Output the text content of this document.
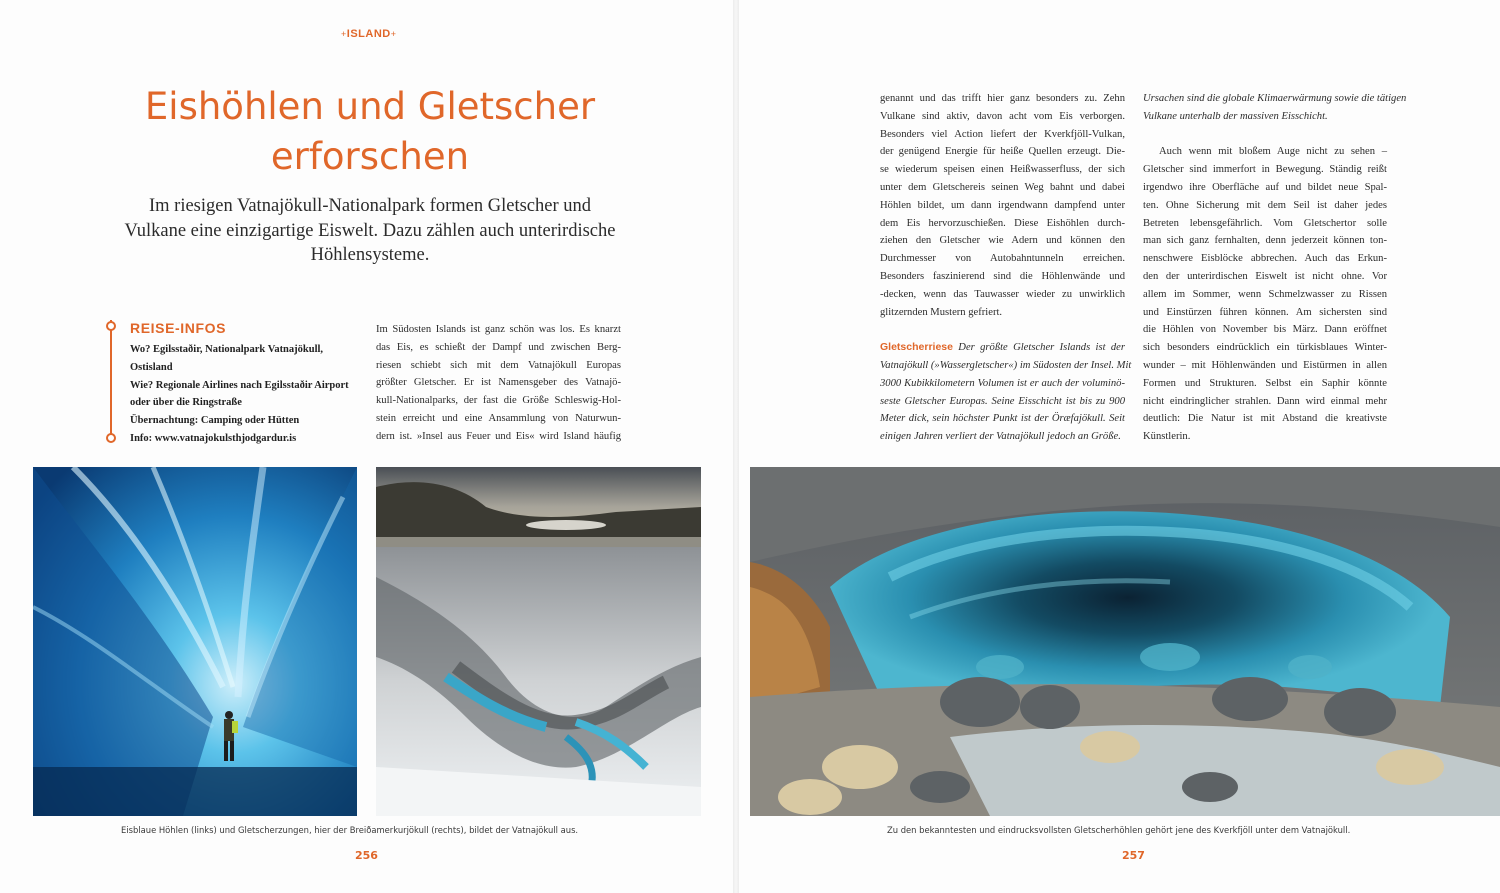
+ISLAND+
Eishöhlen und Gletscher
erforschen
Im riesigen Vatnajökull-Nationalpark formen Gletscher und
Vulkane eine einzigartige Eiswelt. Dazu zählen auch unterirdische
Höhlensysteme.
REISE-INFOS
Wo? Egilsstaðir, Nationalpark Vatnajökull,
Ostisland
Wie? Regionale Airlines nach Egilsstaðir Airport
oder über die Ringstraße
Übernachtung: Camping oder Hütten
Info: www.vatnajokulsthjodgardur.is
Im Südosten Islands ist ganz schön was los. Es knarzt
das Eis, es schießt der Dampf und zwischen Berg-
riesen schiebt sich mit dem Vatnajökull Europas
größter Gletscher. Er ist Namensgeber des Vatnajö-
kull-Nationalparks, der fast die Größe Schleswig-Hol-
stein erreicht und eine Ansammlung von Naturwun-
dern ist. »Insel aus Feuer und Eis« wird Island häufig
genannt und das trifft hier ganz besonders zu. Zehn
Vulkane sind aktiv, davon acht vom Eis verborgen.
Besonders viel Action liefert der Kverkfjöll-Vulkan,
der genügend Energie für heiße Quellen erzeugt. Die-
se wiederum speisen einen Heißwasserfluss, der sich
unter dem Gletschereis seinen Weg bahnt und dabei
Höhlen bildet, um dann irgendwann dampfend unter
dem Eis hervorzuschießen. Diese Eishöhlen durch-
ziehen den Gletscher wie Adern und können den
Durchmesser von Autobahntunneln erreichen.
Besonders faszinierend sind die Höhlenwände und
-decken, wenn das Tauwasser wieder zu unwirklich
glitzernden Mustern gefriert.
Gletscherriese Der größte Gletscher Islands ist der
Vatnajökull (»Wassergletscher«) im Südosten der Insel. Mit
3000 Kubikkilometern Volumen ist er auch der voluminö-
seste Gletscher Europas. Seine Eisschicht ist bis zu 900
Meter dick, sein höchster Punkt ist der Öræfajökull. Seit
einigen Jahren verliert der Vatnajökull jedoch an Größe.
Ursachen sind die globale Klimaerwärmung sowie die tätigen
Vulkane unterhalb der massiven Eisschicht.
Auch wenn mit bloßem Auge nicht zu sehen –
Gletscher sind immerfort in Bewegung. Ständig reißt
irgendwo ihre Oberfläche auf und bildet neue Spal-
ten. Ohne Sicherung mit dem Seil ist daher jedes
Betreten lebensgefährlich. Vom Gletschertor solle
man sich ganz fernhalten, denn jederzeit können ton-
nenschwere Eisblöcke abbrechen. Auch das Erkun-
den der unterirdischen Eiswelt ist nicht ohne. Vor
allem im Sommer, wenn Schmelzwasser zu Rissen
und Einstürzen führen können. Am sichersten sind
die Höhlen von November bis März. Dann eröffnet
sich besonders eindrücklich ein türkisblaues Winter-
wunder – mit Höhlenwänden und Eistürmen in allen
Formen und Strukturen. Selbst ein Saphir könnte
nicht eindringlicher strahlen. Dann wird einmal mehr
deutlich: Die Natur ist mit Abstand die kreativste
Künstlerin.
Eisblaue Höhlen (links) und Gletscherzungen, hier der Breiðamerkurjökull (rechts), bildet der Vatnajökull aus.	Zu den bekanntesten und eindrucksvollsten Gletscherhöhlen gehört jene des Kverkfjöll unter dem Vatnajökull.
256	257
